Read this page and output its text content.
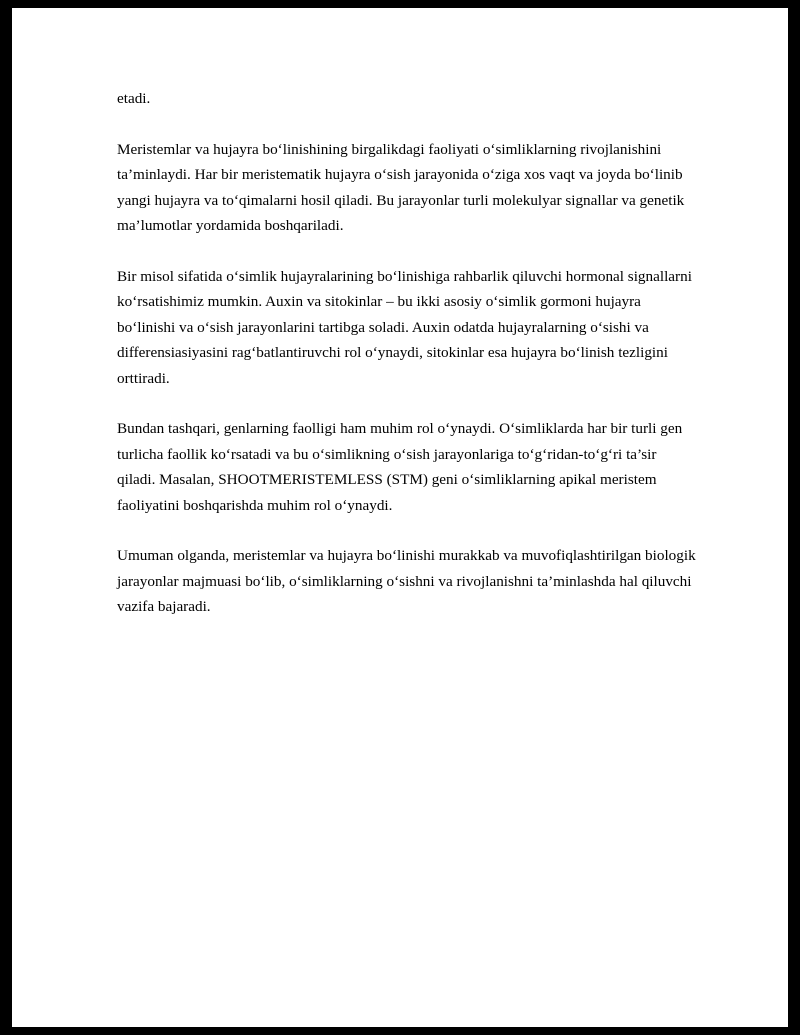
etadi.

Meristemlar va hujayra bo‘linishining birgalikdagi faoliyati o‘simliklarning rivojlanishini ta’minlaydi. Har bir meristematik hujayra o‘sish jarayonida o‘ziga xos vaqt va joyda bo‘linib yangi hujayra va to‘qimalarni hosil qiladi. Bu jarayonlar turli molekulyar signallar va genetik ma’lumotlar yordamida boshqariladi.

Bir misol sifatida o‘simlik hujayralarining bo‘linishiga rahbarlik qiluvchi hormonal signallarni ko‘rsatishimiz mumkin. Auxin va sitokinlar – bu ikki asosiy o‘simlik gormoni hujayra bo‘linishi va o‘sish jarayonlarini tartibga soladi. Auxin odatda hujayralarning o‘sishi va differensiasiyasini rag‘batlantiruvchi rol o‘ynaydi, sitokinlar esa hujayra bo‘linish tezligini orttiradi.

Bundan tashqari, genlarning faolligi ham muhim rol o‘ynaydi. O‘simliklarda har bir turli gen turlicha faollik ko‘rsatadi va bu o‘simlikning o‘sish jarayonlariga to‘g‘ridan-to‘g‘ri ta’sir qiladi. Masalan, SHOOTMERISTEMLESS (STM) geni o‘simliklarning apikal meristem faoliyatini boshqarishda muhim rol o‘ynaydi.

Umuman olganda, meristemlar va hujayra bo‘linishi murakkab va muvofiqlashtirilgan biologik jarayonlar majmuasi bo‘lib, o‘simliklarning o‘sishni va rivojlanishni ta’minlashda hal qiluvchi vazifa bajaradi.
